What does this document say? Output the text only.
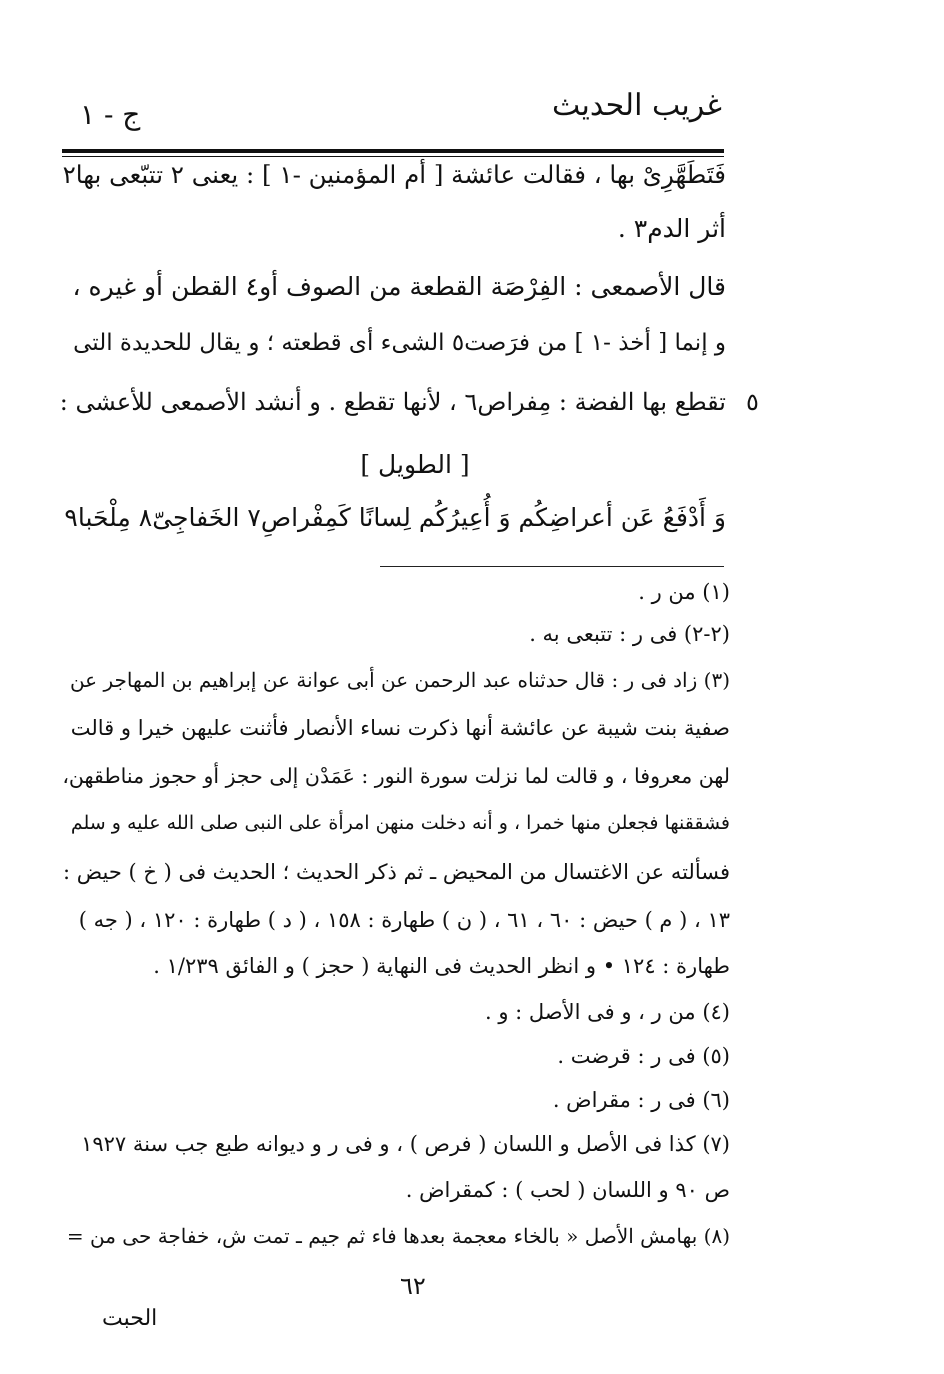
غريب الحديث
ج - ١
فَتَطَهَّرِىْ بها ، فقالت عائشة [ أم المؤمنين -١ ] : يعنى ٢ تتبّعى بها٢
أثر الدم٣ .
قال الأصمعى : الفِرْصَة القطعة من الصوف أو٤ القطن أو غيره ،
و إنما [ أخذ -١ ] من فرَصت٥ الشىء أى قطعته ؛ و يقال للحديدة التى
تقطع بها الفضة : مِفراص٦ ، لأنها تقطع . و أنشد الأصمعى للأعشى : ٥
[ الطويل ]
وَ أَدْفَعُ عَن أعراضِكُم وَ أُعِيرُكُم لِسانًا كَمِفْراصِ٧ الخَفاجِىّ٨ مِلْحَبا٩
(١) من ر .
(٢-٢) فى ر : تتبعى به .
(٣) زاد فى ر : قال حدثناه عبد الرحمن عن أبى عوانة عن إبراهيم بن المهاجر عن
صفية بنت شيبة عن عائشة أنها ذكرت نساء الأنصار فأثنت عليهن خيرا و قالت
لهن معروفا ، و قالت لما نزلت سورة النور : عَمَدْن إلى حجز أو حجوز مناطقهن،
فشققنها فجعلن منها خمرا ، و أنه دخلت منهن امرأة على النبى صلى الله عليه و سلم
فسألته عن الاغتسال من المحيض ـ ثم ذكر الحديث ؛ الحديث فى ( خ ) حيض :
١٣ ، ( م ) حيض : ٦٠ ، ٦١ ، ( ن ) طهارة : ١٥٨ ، ( د ) طهارة : ١٢٠ ، ( جه )
طهارة : ١٢٤ • و انظر الحديث فى النهاية ( حجز ) و الفائق ١/٢٣٩ .
(٤) من ر ، و فى الأصل : و .
(٥) فى ر : قرضت .
(٦) فى ر : مقراض .
(٧) كذا فى الأصل و اللسان ( فرص ) ، و فى ر و ديوانه طبع جب سنة ١٩٢٧
ص ٩٠ و اللسان ( لحب ) : كمقراض .
(٨) بهامش الأصل « بالخاء معجمة بعدها فاء ثم جيم ـ تمت ش، خفاجة حى من =
٦٢
الحبت
